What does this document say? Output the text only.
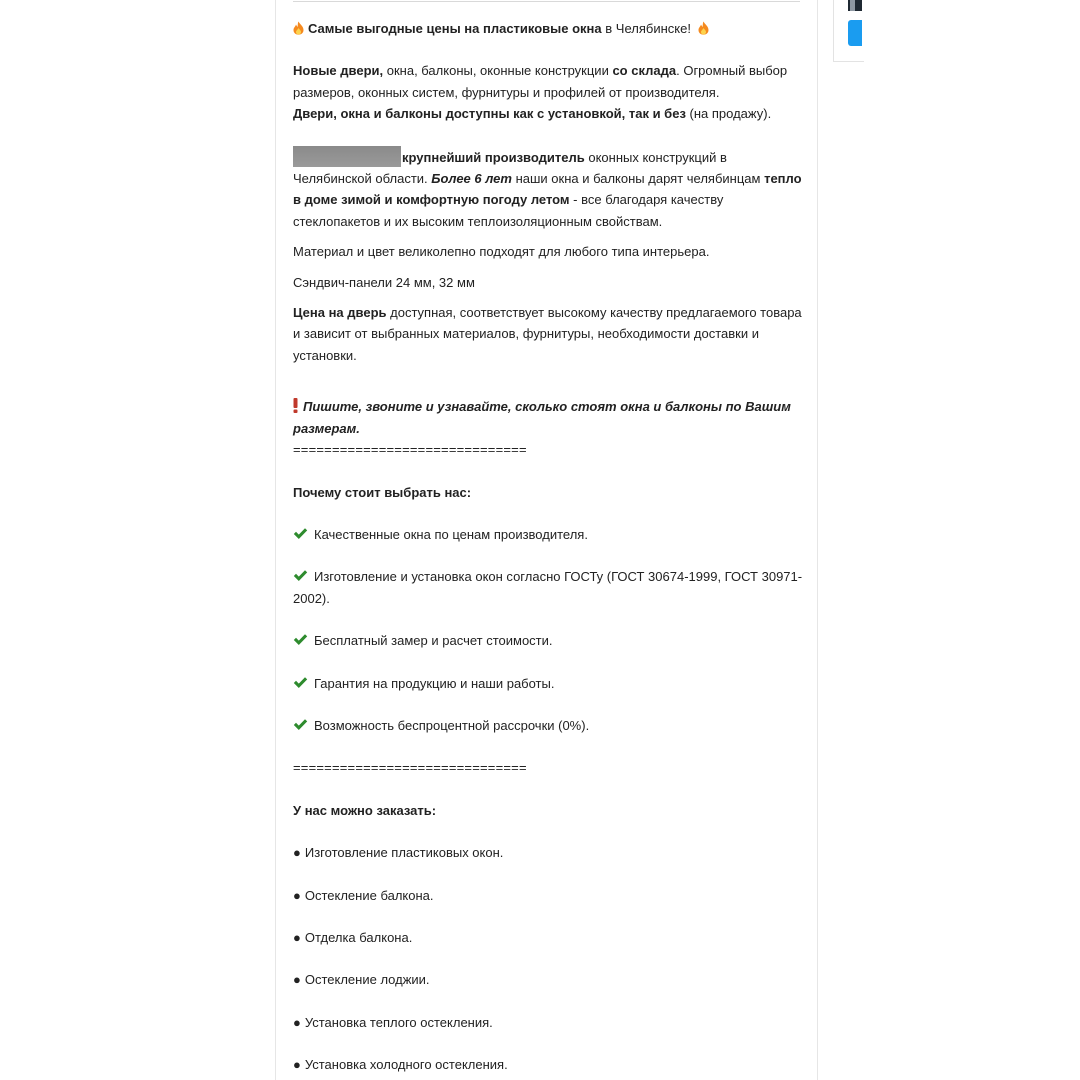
Самые выгодные цены на пластиковые окна в Челябинске!

Новые двери, окна, балконы, оконные конструкции со склада. Огромный выбор размеров, оконных систем, фурнитуры и профилей от производителя.
Двери, окна и балконы доступны как с установкой, так и без (на продажу).

крупнейший производитель оконных конструкций в Челябинской области. Более 6 лет наши окна и балконы дарят челябинцам тепло в доме зимой и комфортную погоду летом - все благодаря качеству стеклопакетов и их высоким теплоизоляционным свойствам.

Материал и цвет великолепно подходят для любого типа интерьера.

Сэндвич-панели 24 мм, 32 мм

Цена на дверь доступная, соответствует высокому качеству предлагаемого товара и зависит от выбранных материалов, фурнитуры, необходимости доставки и установки.

Пишите, звоните и узнавайте, сколько стоят окна и балконы по Вашим размерам.
==============================

Почему стоит выбрать нас:

Качественные окна по ценам производителя.

Изготовление и установка окон согласно ГОСТу (ГОСТ 30674-1999, ГОСТ 30971-2002).

Бесплатный замер и расчет стоимости.

Гарантия на продукцию и наши работы.

Возможность беспроцентной рассрочки (0%).

==============================

У нас можно заказать:

● Изготовление пластиковых окон.

● Остекление балкона.

● Отделка балкона.

● Остекление лоджии.

● Установка теплого остекления.

● Установка холодного остекления.
